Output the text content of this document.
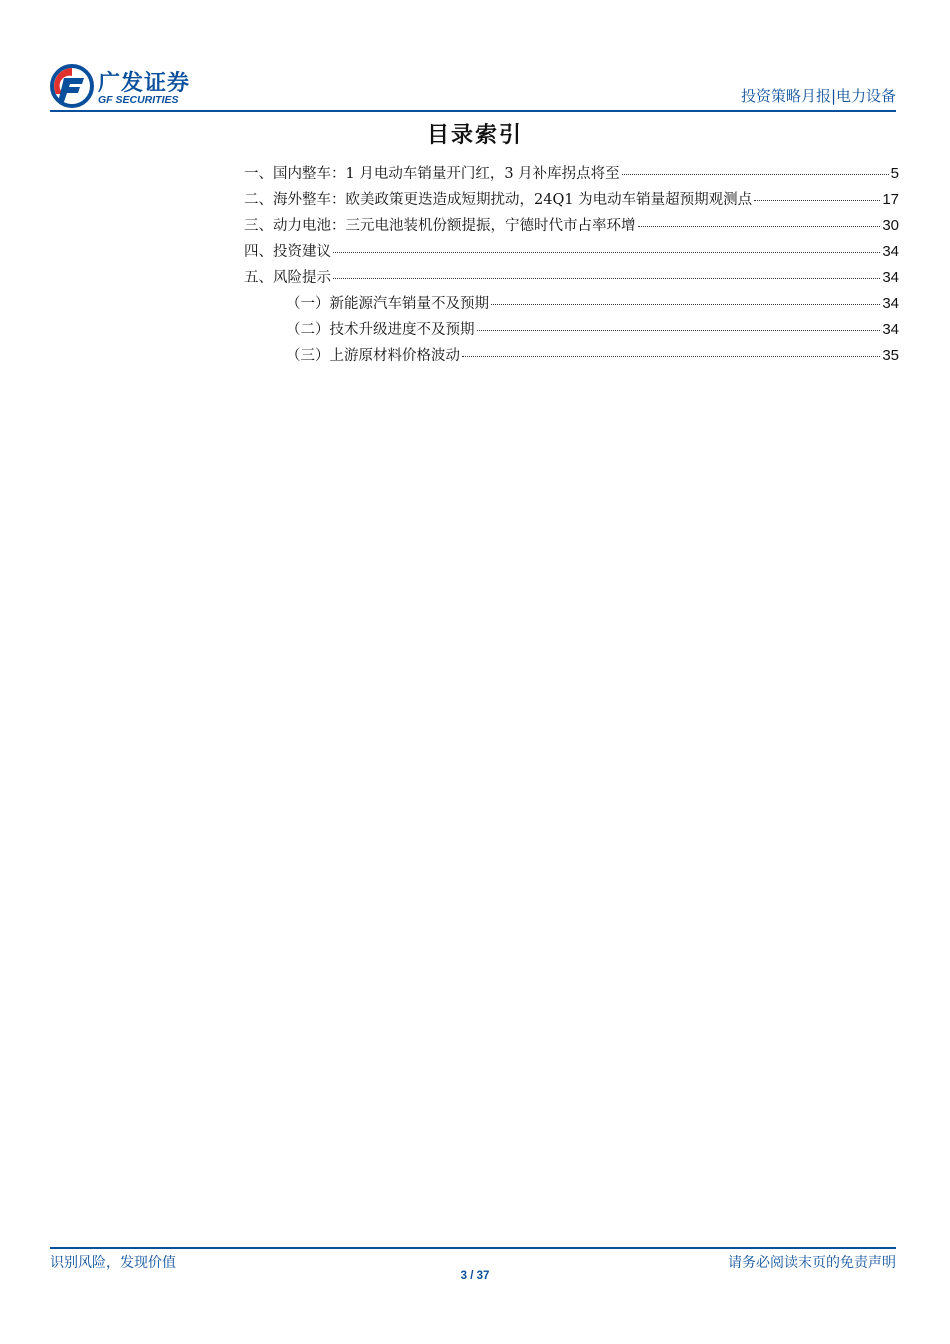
广发证券
GF SECURITIES	投资策略月报|电力设备
目录索引
一、国内整车：1 月电动车销量开门红，3 月补库拐点将至	5
二、海外整车：欧美政策更迭造成短期扰动，24Q1 为电动车销量超预期观测点	17
三、动力电池：三元电池装机份额提振，宁德时代市占率环增	30
四、投资建议	34
五、风险提示	34
（一）新能源汽车销量不及预期	34
（二）技术升级进度不及预期	34
（三）上游原材料价格波动	35
识别风险，发现价值	请务必阅读末页的免责声明
3 / 37
